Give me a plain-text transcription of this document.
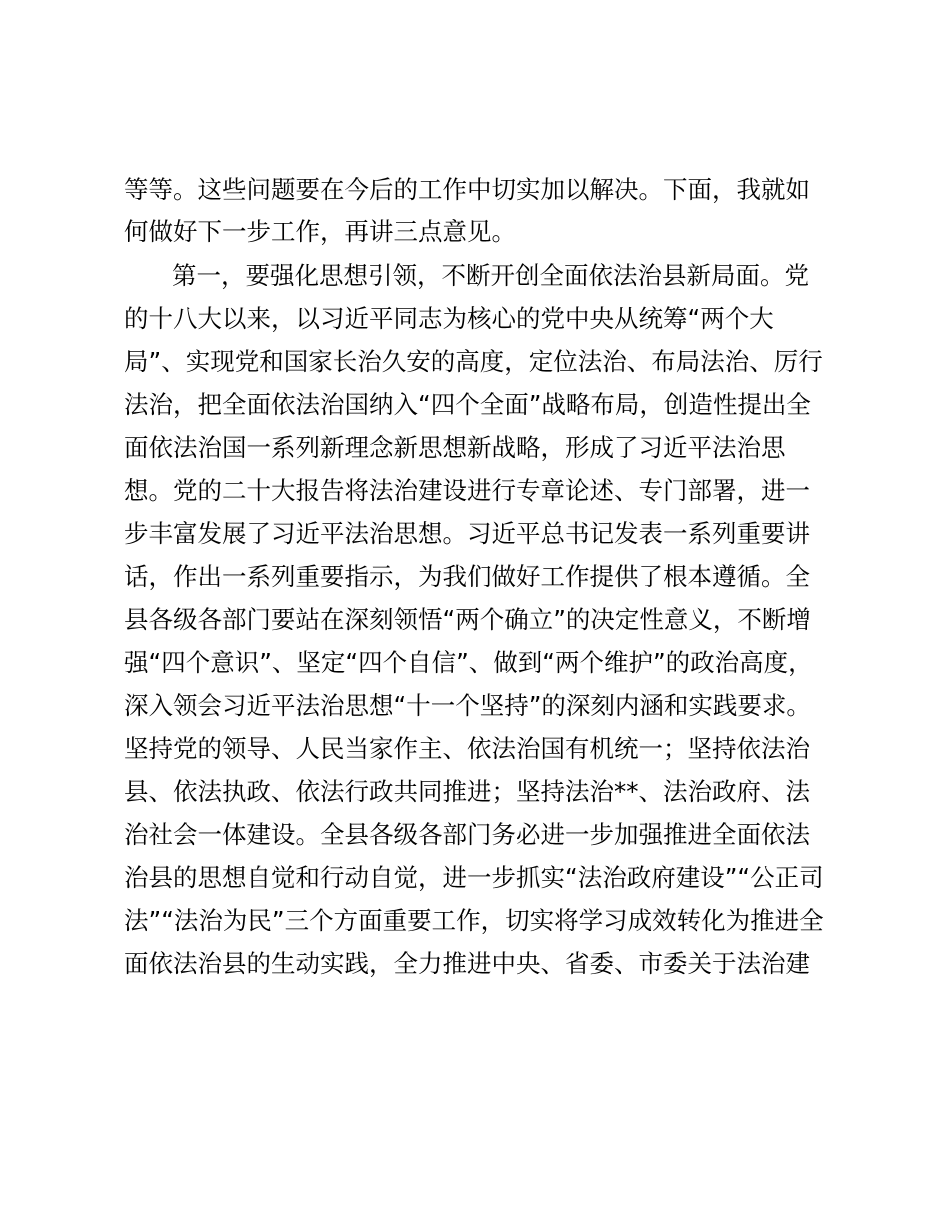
等等。这些问题要在今后的工作中切实加以解决。下面，我就如
何做好下一步工作，再讲三点意见。
第一，要强化思想引领，不断开创全面依法治县新局面。党
的十八大以来，以习近平同志为核心的党中央从统筹“两个大
局”、实现党和国家长治久安的高度，定位法治、布局法治、厉行
法治，把全面依法治国纳入“四个全面”战略布局，创造性提出全
面依法治国一系列新理念新思想新战略，形成了习近平法治思
想。党的二十大报告将法治建设进行专章论述、专门部署，进一
步丰富发展了习近平法治思想。习近平总书记发表一系列重要讲
话，作出一系列重要指示，为我们做好工作提供了根本遵循。全
县各级各部门要站在深刻领悟“两个确立”的决定性意义，不断增
强“四个意识”、坚定“四个自信”、做到“两个维护”的政治高度，
深入领会习近平法治思想“十一个坚持”的深刻内涵和实践要求。
坚持党的领导、人民当家作主、依法治国有机统一；坚持依法治
县、依法执政、依法行政共同推进；坚持法治**、法治政府、法
治社会一体建设。全县各级各部门务必进一步加强推进全面依法
治县的思想自觉和行动自觉，进一步抓实“法治政府建设”“公正司
法”“法治为民”三个方面重要工作，切实将学习成效转化为推进全
面依法治县的生动实践，全力推进中央、省委、市委关于法治建
